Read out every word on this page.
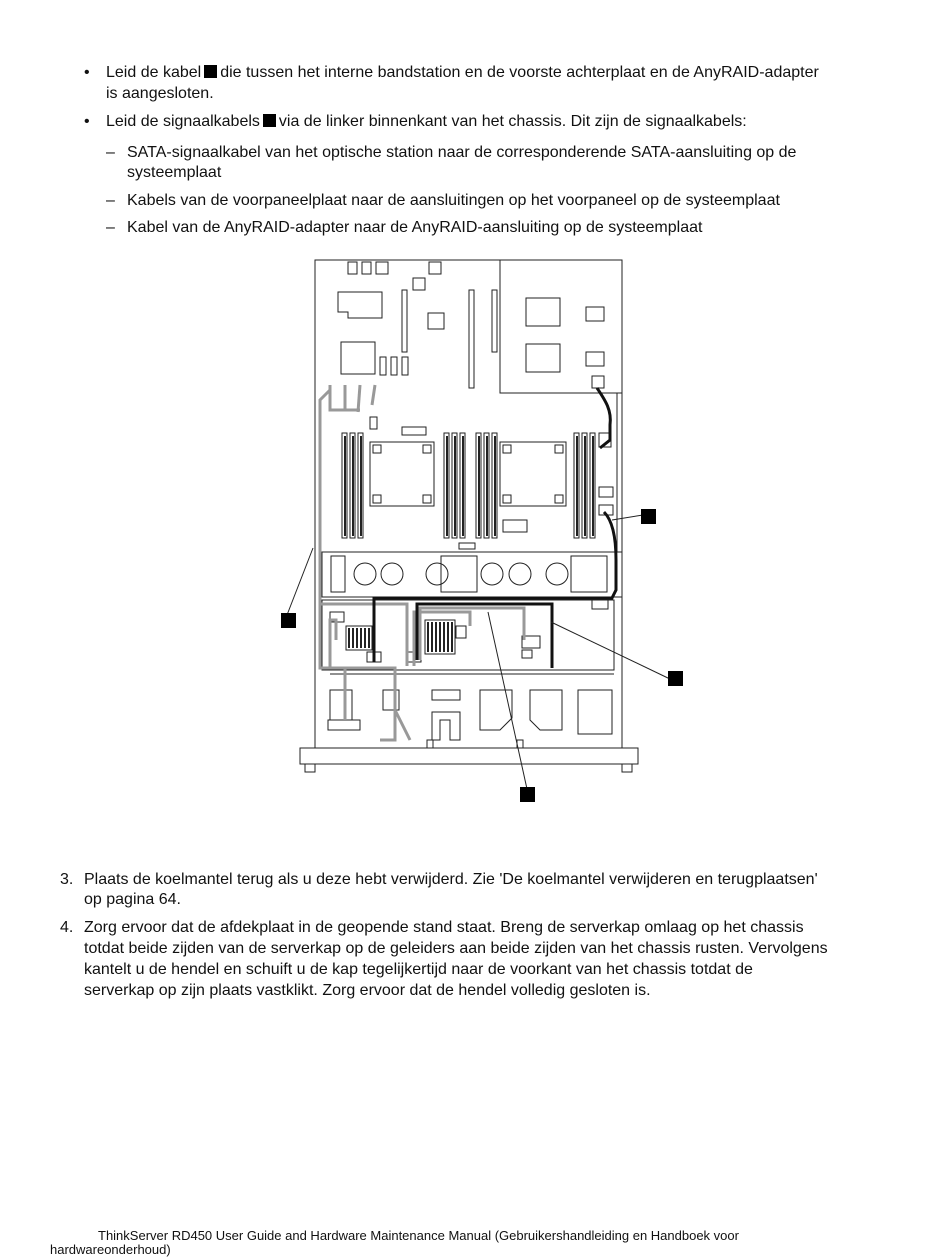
• Leid de kabel die tussen het interne bandstation en de voorste achterplaat en de AnyRAID-adapter
is aangesloten.
• Leid de signaalkabels via de linker binnenkant van het chassis. Dit zijn de signaalkabels:
– SATA-signaalkabel van het optische station naar de corresponderende SATA-aansluiting op de
systeemplaat
– Kabels van de voorpaneelplaat naar de aansluitingen op het voorpaneel op de systeemplaat
– Kabel van de AnyRAID-adapter naar de AnyRAID-aansluiting op de systeemplaat
3. Plaats de koelmantel terug als u deze hebt verwijderd. Zie 'De koelmantel verwijderen en terugplaatsen'
op pagina 64.
4. Zorg ervoor dat de afdekplaat in de geopende stand staat. Breng de serverkap omlaag op het chassis
totdat beide zijden van de serverkap op de geleiders aan beide zijden van het chassis rusten. Vervolgens
kantelt u de hendel en schuift u de kap tegelijkertijd naar de voorkant van het chassis totdat de
serverkap op zijn plaats vastklikt. Zorg ervoor dat de hendel volledig gesloten is.
ThinkServer RD450 User Guide and Hardware Maintenance Manual (Gebruikershandleiding en Handboek voor
hardwareonderhoud)
